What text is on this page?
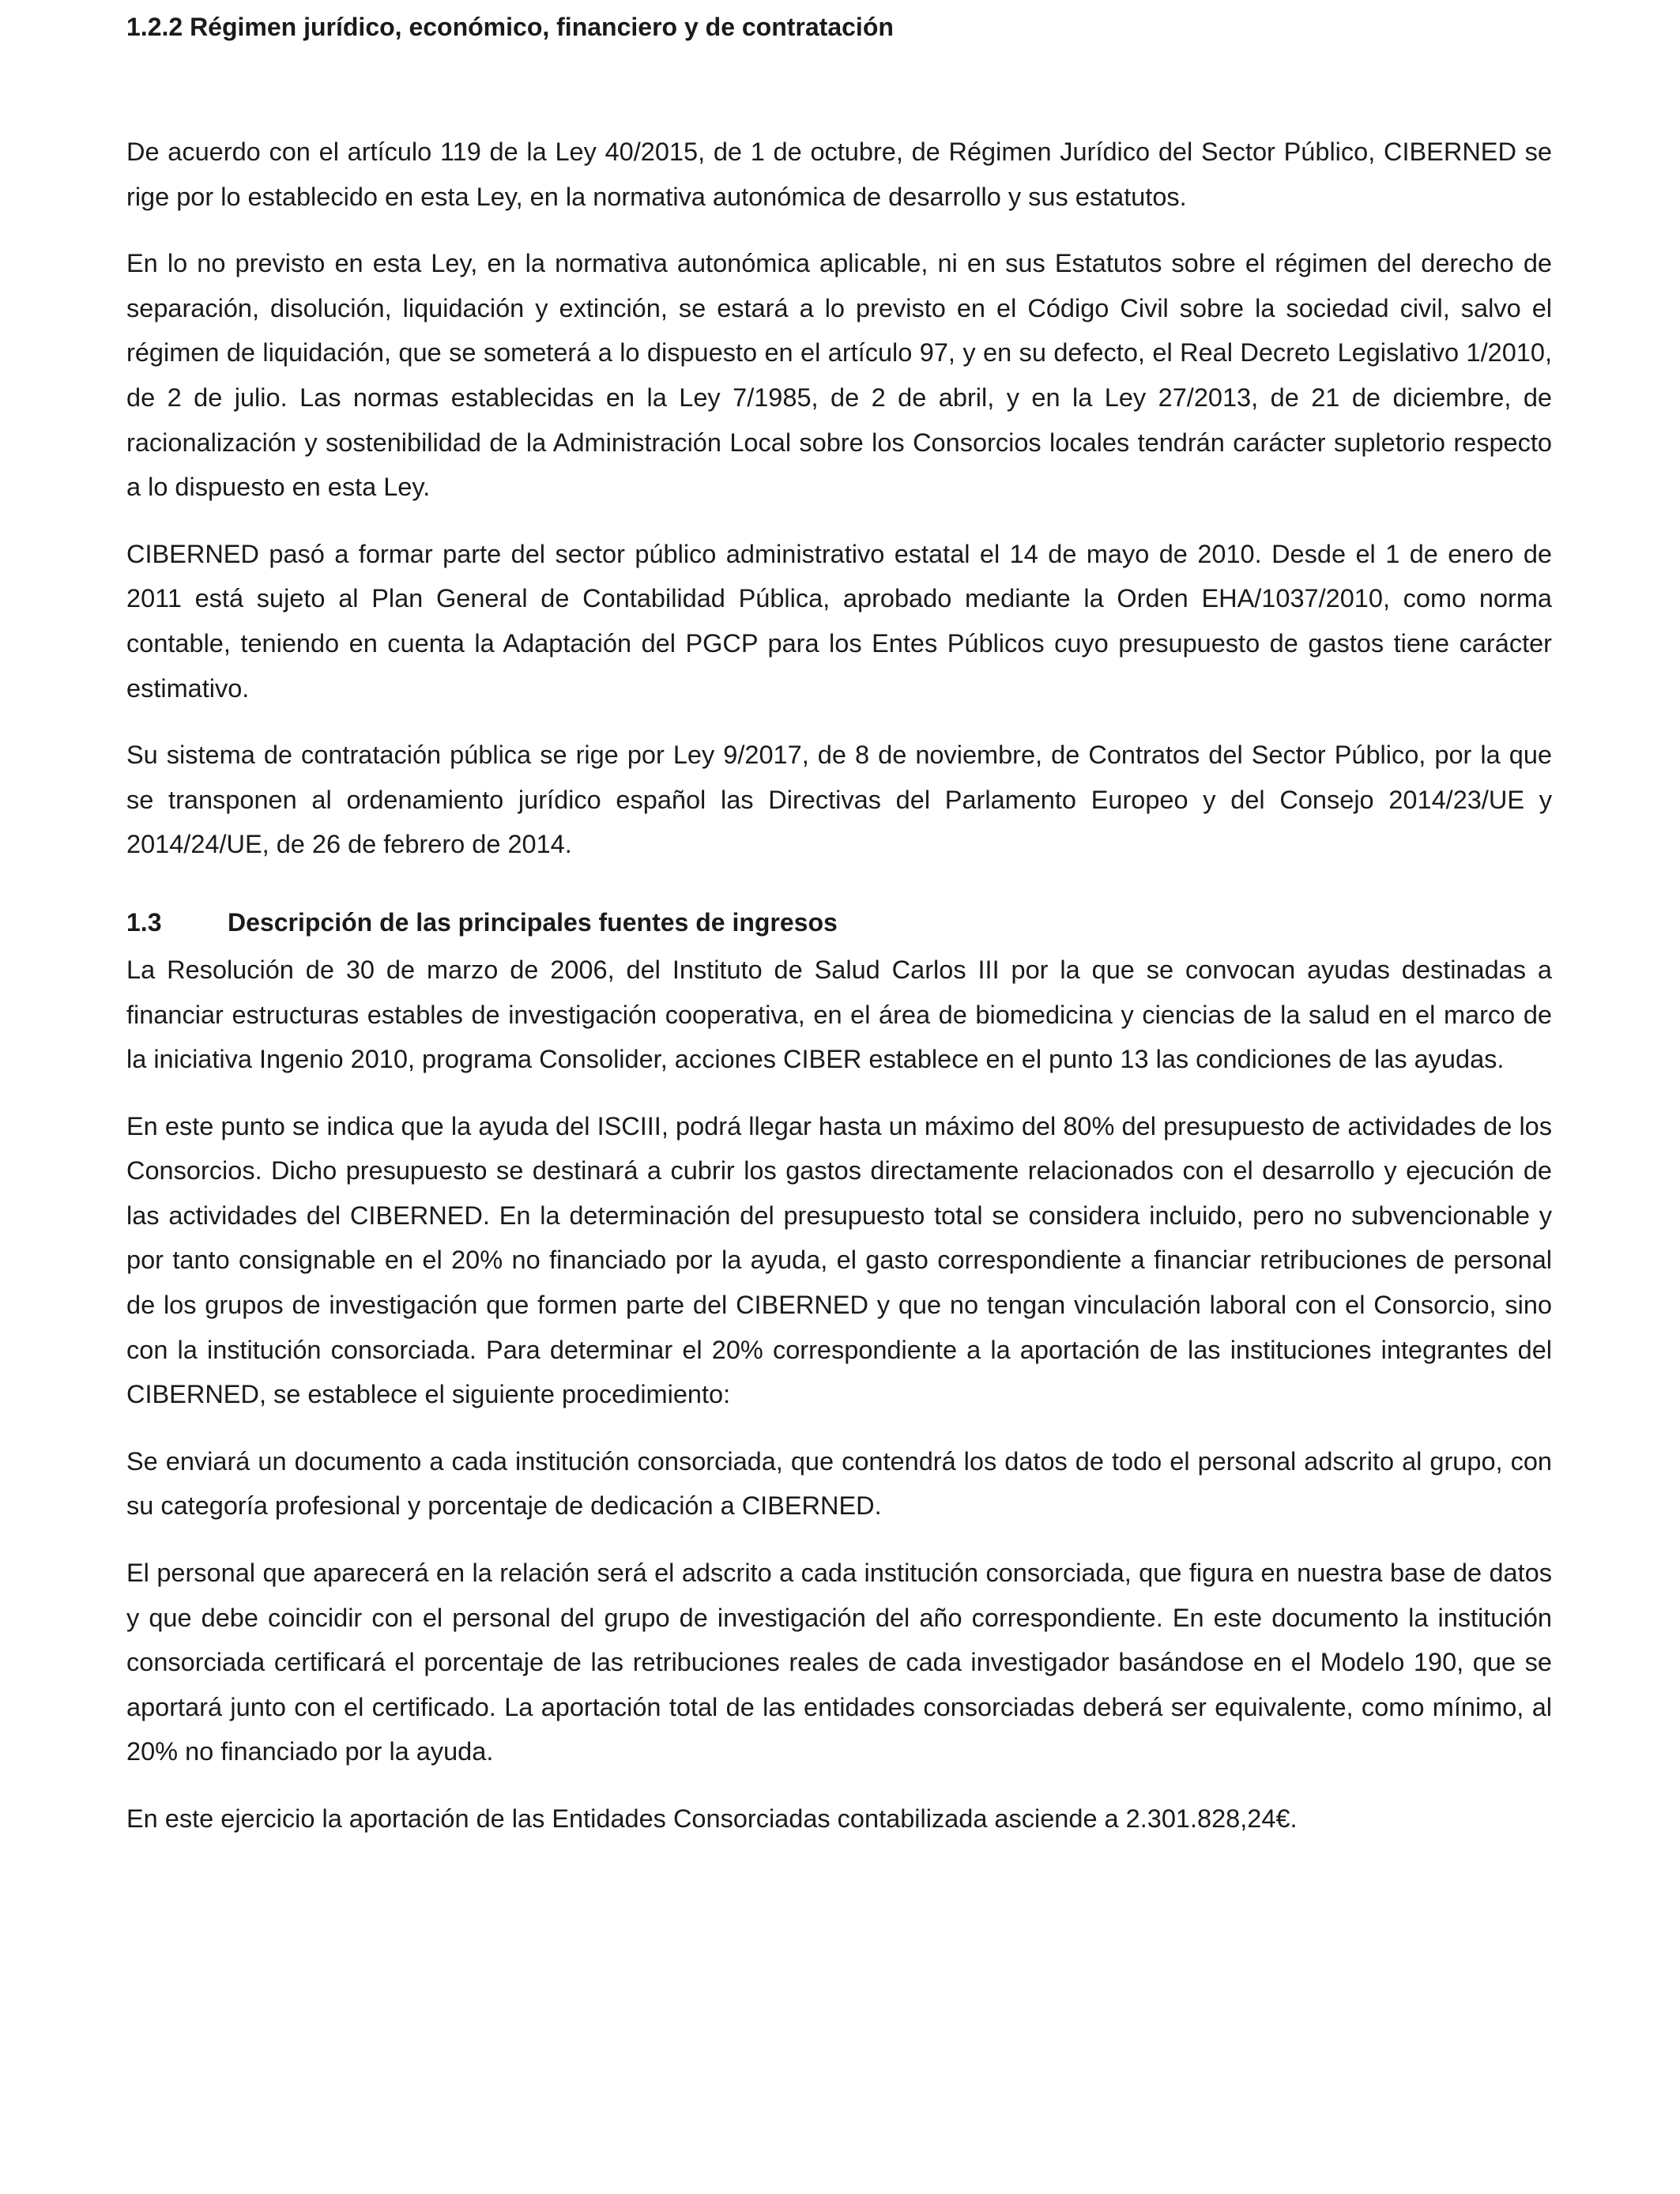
1.2.2 Régimen jurídico, económico, financiero y de contratación

De acuerdo con el artículo 119 de la Ley 40/2015, de 1 de octubre, de Régimen Jurídico del Sector Público, CIBERNED se rige por lo establecido en esta Ley, en la normativa autonómica de desarrollo y sus estatutos.

En lo no previsto en esta Ley, en la normativa autonómica aplicable, ni en sus Estatutos sobre el régimen del derecho de separación, disolución, liquidación y extinción, se estará a lo previsto en el Código Civil sobre la sociedad civil, salvo el régimen de liquidación, que se someterá a lo dispuesto en el artículo 97, y en su defecto, el Real Decreto Legislativo 1/2010, de 2 de julio. Las normas establecidas en la Ley 7/1985, de 2 de abril, y en la Ley 27/2013, de 21 de diciembre, de racionalización y sostenibilidad de la Administración Local sobre los Consorcios locales tendrán carácter supletorio respecto a lo dispuesto en esta Ley.

CIBERNED pasó a formar parte del sector público administrativo estatal el 14 de mayo de 2010. Desde el 1 de enero de 2011 está sujeto al Plan General de Contabilidad Pública, aprobado mediante la Orden EHA/1037/2010, como norma contable, teniendo en cuenta la Adaptación del PGCP para los Entes Públicos cuyo presupuesto de gastos tiene carácter estimativo.

Su sistema de contratación pública se rige por Ley 9/2017, de 8 de noviembre, de Contratos del Sector Público, por la que se transponen al ordenamiento jurídico español las Directivas del Parlamento Europeo y del Consejo 2014/23/UE y 2014/24/UE, de 26 de febrero de 2014.

1.3	Descripción de las principales fuentes de ingresos

La Resolución de 30 de marzo de 2006, del Instituto de Salud Carlos III por la que se convocan ayudas destinadas a financiar estructuras estables de investigación cooperativa, en el área de biomedicina y ciencias de la salud en el marco de la iniciativa Ingenio 2010, programa Consolider, acciones CIBER establece en el punto 13 las condiciones de las ayudas.

En este punto se indica que la ayuda del ISCIII, podrá llegar hasta un máximo del 80% del presupuesto de actividades de los Consorcios. Dicho presupuesto se destinará a cubrir los gastos directamente relacionados con el desarrollo y ejecución de las actividades del CIBERNED. En la determinación del presupuesto total se considera incluido, pero no subvencionable y por tanto consignable en el 20% no financiado por la ayuda, el gasto correspondiente a financiar retribuciones de personal de los grupos de investigación que formen parte del CIBERNED y que no tengan vinculación laboral con el Consorcio, sino con la institución consorciada. Para determinar el 20% correspondiente a la aportación de las instituciones integrantes del CIBERNED, se establece el siguiente procedimiento:

Se enviará un documento a cada institución consorciada, que contendrá los datos de todo el personal adscrito al grupo, con su categoría profesional y porcentaje de dedicación a CIBERNED.

El personal que aparecerá en la relación será el adscrito a cada institución consorciada, que figura en nuestra base de datos y que debe coincidir con el personal del grupo de investigación del año correspondiente. En este documento la institución consorciada certificará el porcentaje de las retribuciones reales de cada investigador basándose en el Modelo 190, que se aportará junto con el certificado. La aportación total de las entidades consorciadas deberá ser equivalente, como mínimo, al 20% no financiado por la ayuda.

En este ejercicio la aportación de las Entidades Consorciadas contabilizada asciende a 2.301.828,24€.
